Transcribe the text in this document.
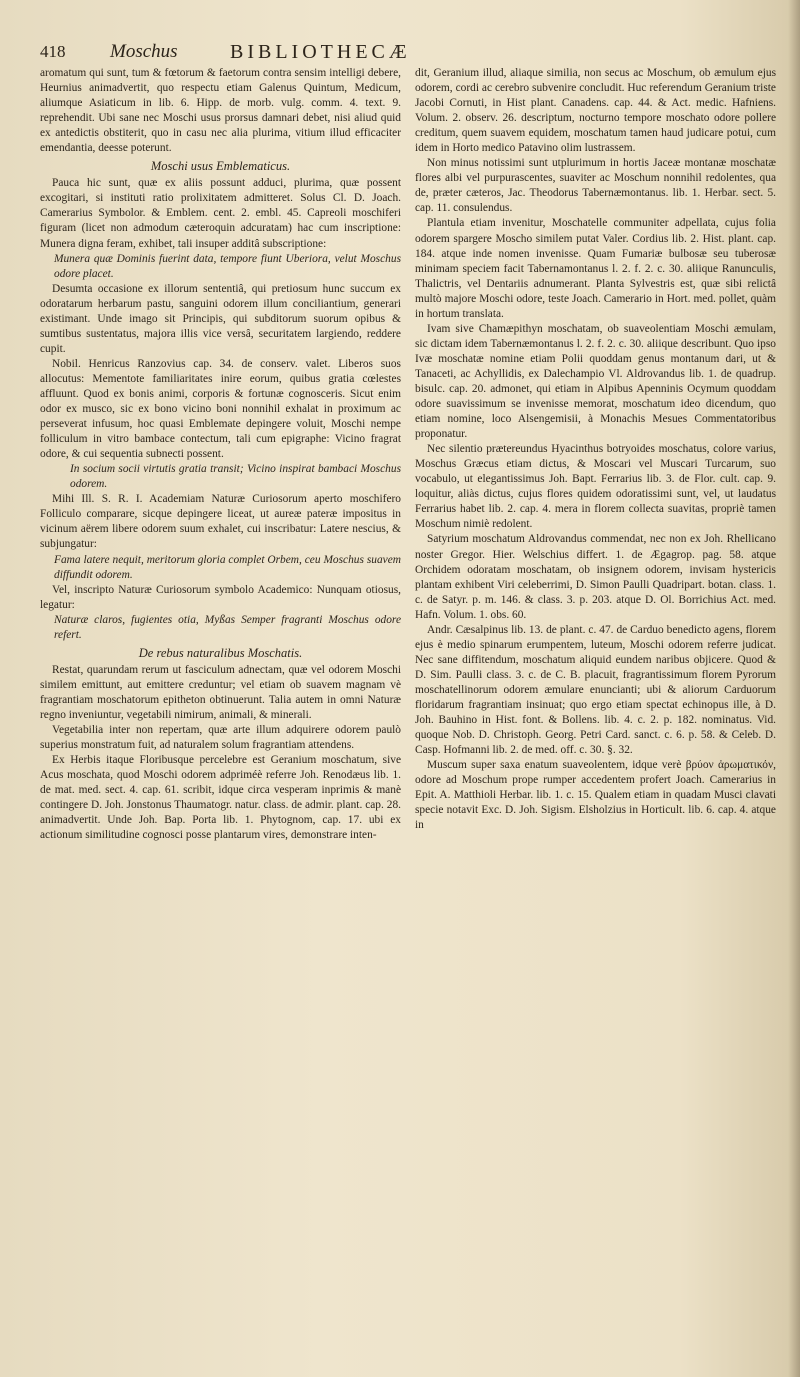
418 Moschus	BIBLIOTHECÆ

aromatum qui sunt, tum & fœtorum & faetorum contra sensim intelligi debere, Heurnius animadvertit, quo respectu etiam Galenus Quintum, Medicum, aliumque Asiaticum in lib. 6. Hipp. de morb. vulg. comm. 4. text. 9. reprehendit. Ubi sane nec Moschi usus prorsus damnari debet, nisi aliud quid ex antedictis obstiterit, quo in casu nec alia plurima, vitium illud efficaciter emendantia, deesse poterunt.

Moschi usus Emblematicus.

Pauca hic sunt, quæ ex aliis possunt adduci, plurima, quæ possent excogitari, si instituti ratio prolixitatem admitteret. Solus Cl. D. Joach. Camerarius Symbolor. & Emblem. cent. 2. embl. 45. Capreoli moschiferi figuram (licet non admodum cæteroquin adcuratam) hac cum inscriptione: Munera digna feram, exhibet, tali insuper additâ subscriptione:

Munera quæ Dominis fuerint data, tempore fiunt Uberiora, velut Moschus odore placet.

Desumta occasione ex illorum sententiâ, qui pretiosum hunc succum ex odoratarum herbarum pastu, sanguini odorem illum conciliantium, generari existimant. Unde imago sit Principis, qui subditorum suorum opibus & sumtibus sustentatus, majora illis vice versâ, securitatem largiendo, reddere cupit.

Nobil. Henricus Ranzovius cap. 34. de conserv. valet. Liberos suos allocutus: Mementote familiaritates inire eorum, quibus gratia cœlestes affluunt. Quod ex bonis animi, corporis & fortunæ cognosceris. Sicut enim odor ex musco, sic ex bono vicino boni nonnihil exhalat in proximum ac perseverat infusum, hoc quasi Emblemate depingere voluit, Moschi nempe folliculum in vitro bambace contectum, tali cum epigraphe: Vicino fragrat odore, & cui sequentia subnecti possent.

In socium socii virtutis gratia transit; Vicino inspirat bambaci Moschus odorem.

Mihi Ill. S. R. I. Academiam Naturæ Curiosorum aperto moschifero Folliculo comparare, sicque depingere liceat, ut aureæ pateræ impositus in vicinum aërem libere odorem suum exhalet, cui inscribatur: Latere nescius, & subjungatur:

Fama latere nequit, meritorum gloria complet Orbem, ceu Moschus suavem diffundit odorem.

Vel, inscripto Naturæ Curiosorum symbolo Academico: Nunquam otiosus, legatur:

Naturæ claros, fugientes otia, Myßas Semper fragranti Moschus odore refert.

De rebus naturalibus Moschatis.

Restat, quarundam rerum ut fasciculum adnectam, quæ vel odorem Moschi similem emittunt, aut emittere creduntur; vel etiam ob suavem magnam vè fragrantiam moschatorum epitheton obtinuerunt. Talia autem in omni Naturæ regno inveniuntur, vegetabili nimirum, animali, & minerali.

Vegetabilia inter non repertam, quæ arte illum adquirere odorem paulò superius monstratum fuit, ad naturalem solum fragrantiam attendens.

Ex Herbis itaque Floribusque percelebre est Geranium moschatum, sive Acus moschata, quod Moschi odorem adpriméè referre Joh. Renodæus lib. 1. de mat. med. sect. 4. cap. 61. scribit, idque circa vesperam inprimis & manè contingere D. Joh. Jonstonus Thaumatogr. natur. class. de admir. plant. cap. 28. animadvertit. Unde Joh. Bap. Porta lib. 1. Phytognom, cap. 17. ubi ex actionum similitudine cognosci posse plantarum vires, demonstrare inten-

dit, Geranium illud, aliaque similia, non secus ac Moschum, ob æmulum ejus odorem, cordi ac cerebro subvenire concludit. Huc referendum Geranium triste Jacobi Cornuti, in Hist plant. Canadens. cap. 44. & Act. medic. Hafniens. Volum. 2. observ. 26. descriptum, nocturno tempore moschato odore pollere creditum, quem suavem equidem, moschatum tamen haud judicare potui, cum idem in Horto medico Patavino olim lustrassem.

Non minus notissimi sunt utplurimum in hortis Jaceæ montanæ moschatæ flores albi vel purpurascentes, suaviter ac Moschum nonnihil redolentes, qua de, præter cæteros, Jac. Theodorus Tabernæmontanus. lib. 1. Herbar. sect. 5. cap. 11. consulendus.

Plantula etiam invenitur, Moschatelle communiter adpellata, cujus folia odorem spargere Moscho similem putat Valer. Cordius lib. 2. Hist. plant. cap. 184. atque inde nomen invenisse. Quam Fumariæ bulbosæ seu tuberosæ minimam speciem facit Tabernamontanus l. 2. f. 2. c. 30. aliique Ranunculis, Thalictris, vel Dentariis adnumerant. Planta Sylvestris est, quæ sibi relictâ multò majore Moschi odore, teste Joach. Camerario in Hort. med. pollet, quàm in hortum translata.

Ivam sive Chamæpithyn moschatam, ob suaveolentiam Moschi æmulam, sic dictam idem Tabernæmontanus l. 2. f. 2. c. 30. aliique describunt. Quo ipso Ivæ moschatæ nomine etiam Polii quoddam genus montanum dari, ut & Tanaceti, ac Achyllidis, ex Dalechampio Vl. Aldrovandus lib. 1. de quadrup. bisulc. cap. 20. admonet, qui etiam in Alpibus Apenninis Ocymum quoddam odore suavissimum se invenisse memorat, moschatum ideo dicendum, quo etiam nomine, loco Alsengemisii, à Monachis Mesues Commentatoribus proponatur.

Nec silentio prætereundus Hyacinthus botryoides moschatus, colore varius, Moschus Græcus etiam dictus, & Moscari vel Muscari Turcarum, suo vocabulo, ut elegantissimus Joh. Bapt. Ferrarius lib. 3. de Flor. cult. cap. 9. loquitur, aliàs dictus, cujus flores quidem odoratissimi sunt, vel, ut laudatus Ferrarius habet lib. 2. cap. 4. mera in florem collecta suavitas, propriè tamen Moschum nimiè redolent.

Satyrium moschatum Aldrovandus commendat, nec non ex Joh. Rhellicano noster Gregor. Hier. Welschius differt. 1. de Ægagrop. pag. 58. atque Orchidem odoratam moschatam, ob insignem odorem, invisam hystericis plantam exhibent Viri celeberrimi, D. Simon Paulli Quadripart. botan. class. 1. c. de Satyr. p. m. 146. & class. 3. p. 203. atque D. Ol. Borrichius Act. med. Hafn. Volum. 1. obs. 60.

Andr. Cæsalpinus lib. 13. de plant. c. 47. de Carduo benedicto agens, florem ejus è medio spinarum erumpentem, luteum, Moschi odorem referre judicat. Nec sane diffitendum, moschatum aliquid eundem naribus objicere. Quod & D. Sim. Paulli class. 3. c. de C. B. placuit, fragrantissimum florem Pyrorum moschatellinorum odorem æmulare enuncianti; ubi & aliorum Carduorum floridarum fragrantiam insinuat; quo ergo etiam spectat echinopus ille, à D. Joh. Bauhino in Hist. font. & Bollens. lib. 4. c. 2. p. 182. nominatus. Vid. quoque Nob. D. Christoph. Georg. Petri Card. sanct. c. 6. p. 58. & Celeb. D. Casp. Hofmanni lib. 2. de med. off. c. 30. §. 32.

Muscum super saxa enatum suaveolentem, idque verè βρύον ἀρωματικόν, odore ad Moschum prope rumper accedentem profert Joach. Camerarius in Epit. A. Matthioli Herbar. lib. 1. c. 15. Qualem etiam in quadam Musci clavati specie notavit Exc. D. Joh. Sigism. Elsholzius in Horticult. lib. 6. cap. 4. atque in
